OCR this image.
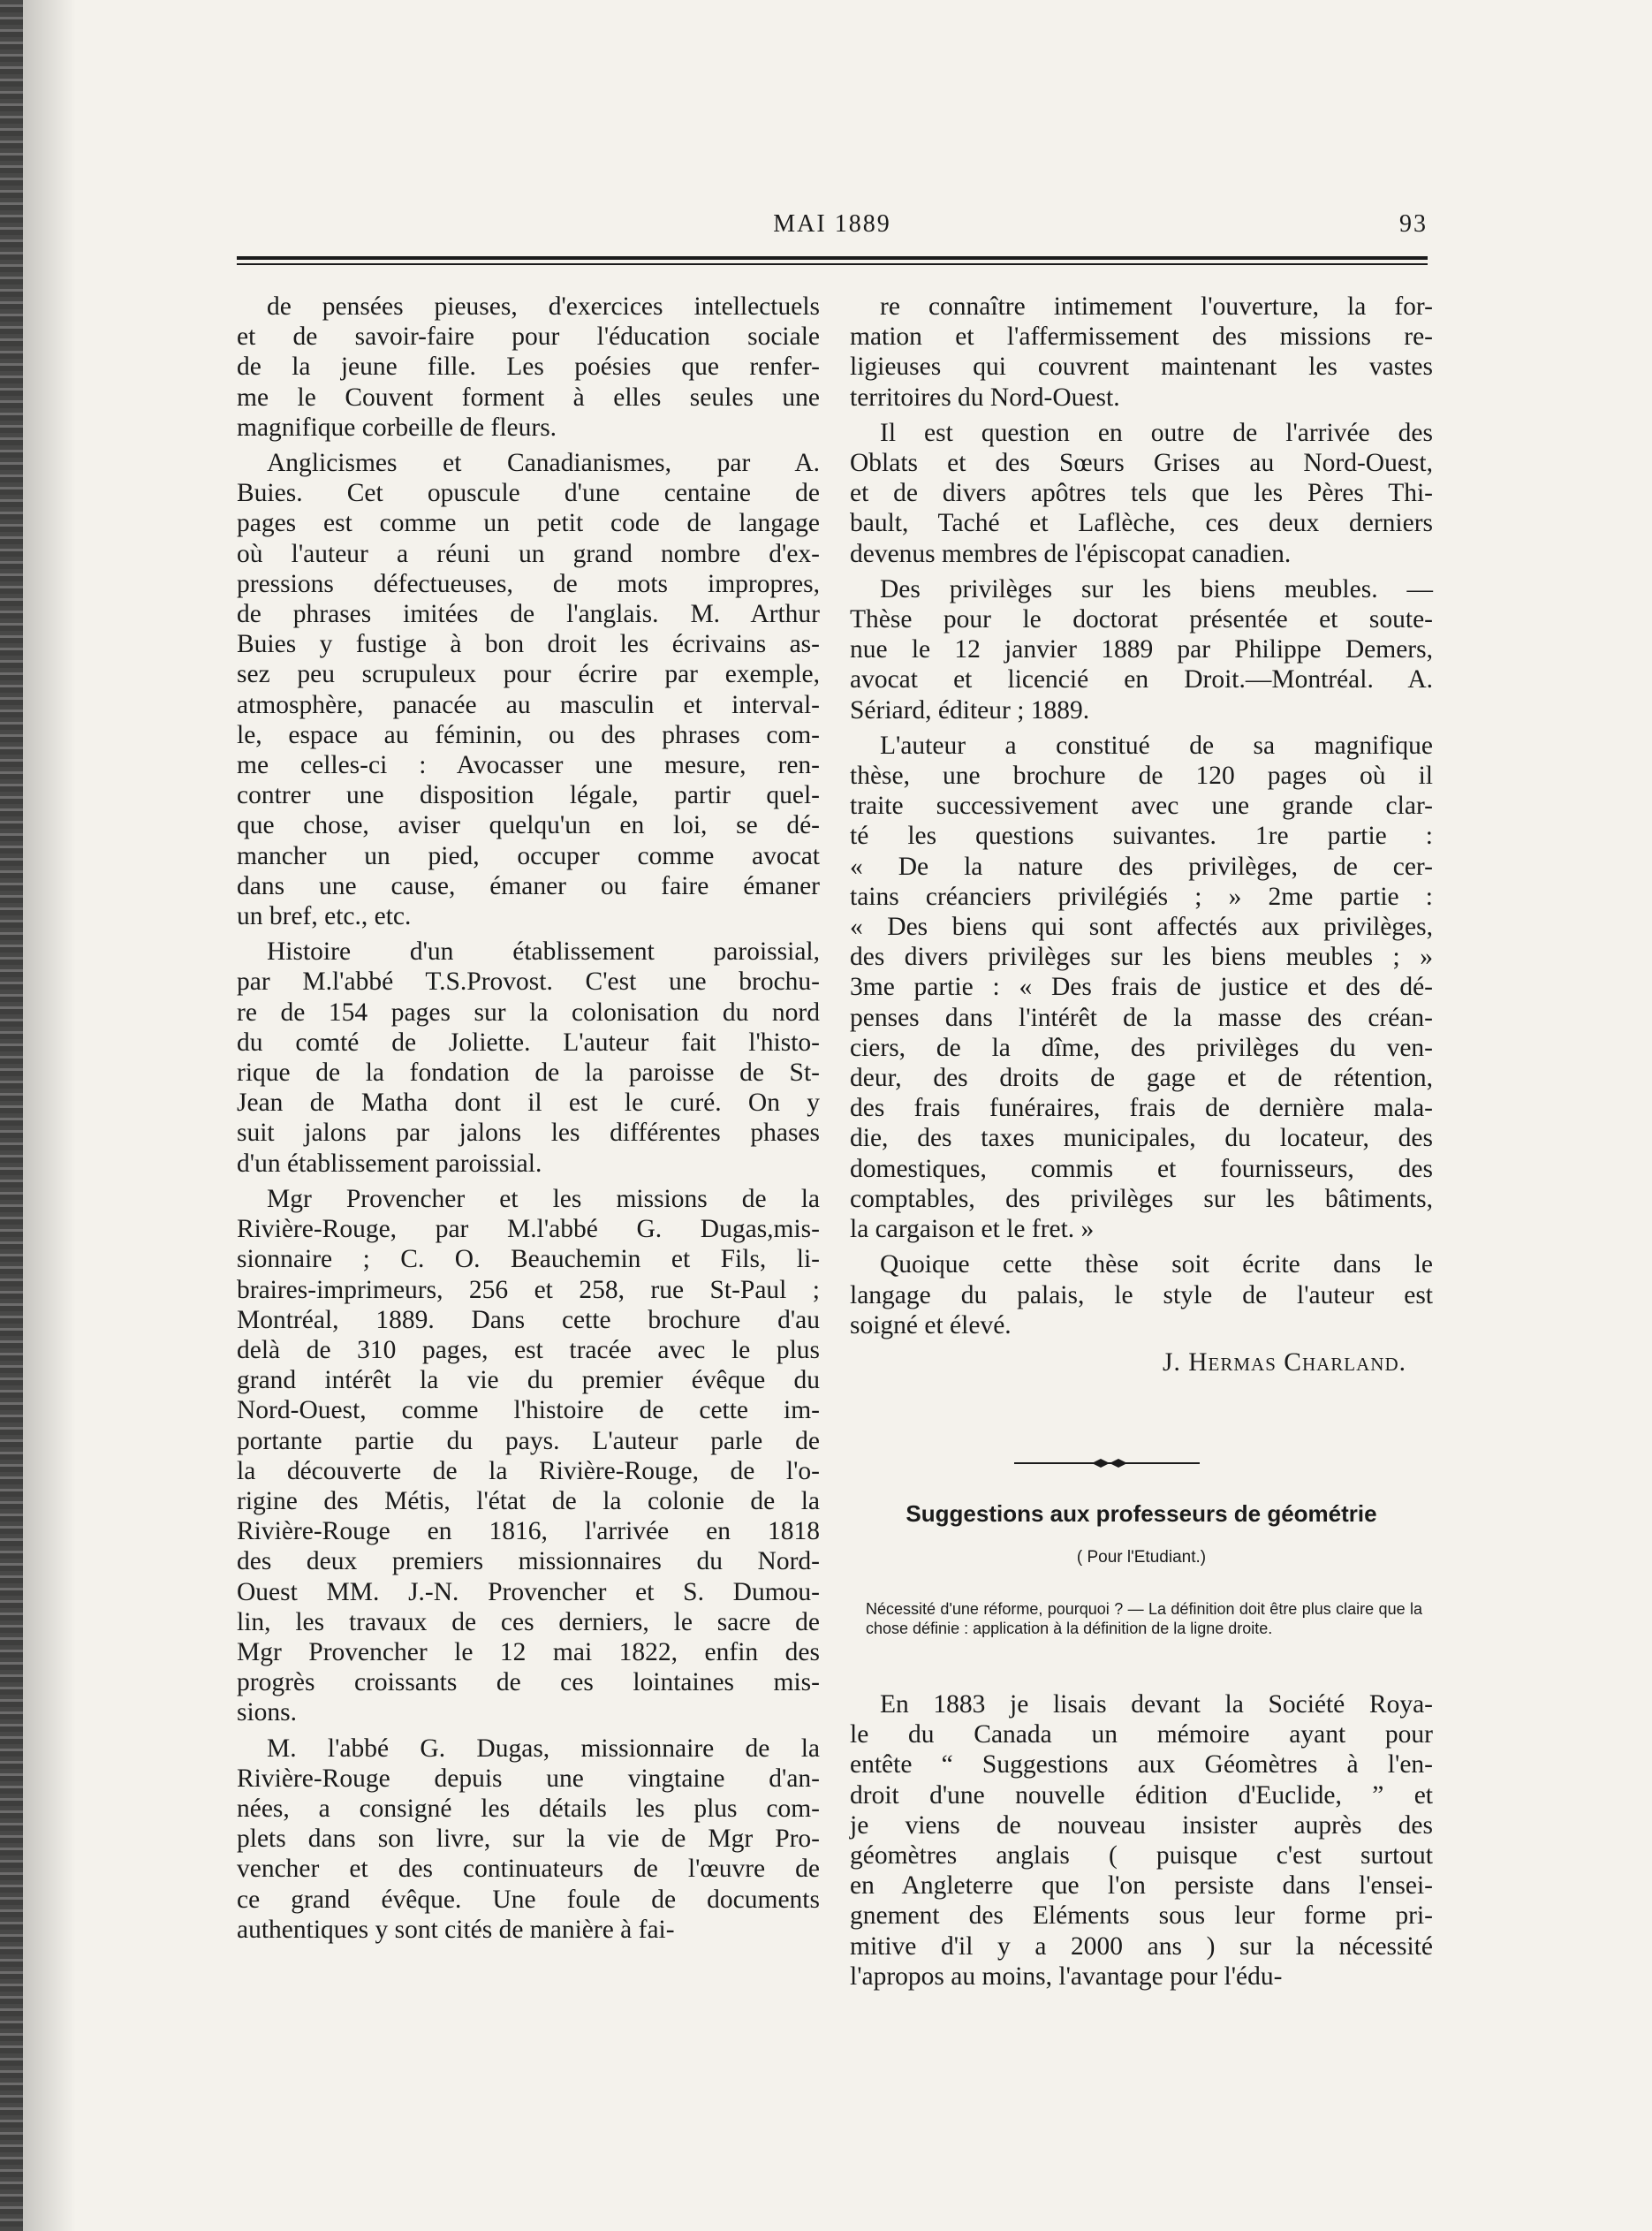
MAI 1889	93
de pensées pieuses, d'exercices intellectuels
et de savoir-faire pour l'éducation sociale
de la jeune fille. Les poésies que renfer-
me le Couvent forment à elles seules une
magnifique corbeille de fleurs.
Anglicismes et Canadianismes, par A.
Buies. Cet opuscule d'une centaine de
pages est comme un petit code de langage
où l'auteur a réuni un grand nombre d'ex-
pressions défectueuses, de mots impropres,
de phrases imitées de l'anglais. M. Arthur
Buies y fustige à bon droit les écrivains as-
sez peu scrupuleux pour écrire par exemple,
atmosphère, panacée au masculin et interval-
le, espace au féminin, ou des phrases com-
me celles-ci : Avocasser une mesure, ren-
contrer une disposition légale, partir quel-
que chose, aviser quelqu'un en loi, se dé-
mancher un pied, occuper comme avocat
dans une cause, émaner ou faire émaner
un bref, etc., etc.
Histoire d'un établissement paroissial,
par M.l'abbé T.S.Provost. C'est une brochu-
re de 154 pages sur la colonisation du nord
du comté de Joliette. L'auteur fait l'histo-
rique de la fondation de la paroisse de St-
Jean de Matha dont il est le curé. On y
suit jalons par jalons les différentes phases
d'un établissement paroissial.
Mgr Provencher et les missions de la
Rivière-Rouge, par M.l'abbé G. Dugas,mis-
sionnaire ; C. O. Beauchemin et Fils, li-
braires-imprimeurs, 256 et 258, rue St-Paul ;
Montréal, 1889. Dans cette brochure d'au
delà de 310 pages, est tracée avec le plus
grand intérêt la vie du premier évêque du
Nord-Ouest, comme l'histoire de cette im-
portante partie du pays. L'auteur parle de
la découverte de la Rivière-Rouge, de l'o-
rigine des Métis, l'état de la colonie de la
Rivière-Rouge en 1816, l'arrivée en 1818
des deux premiers missionnaires du Nord-
Ouest MM. J.-N. Provencher et S. Dumou-
lin, les travaux de ces derniers, le sacre de
Mgr Provencher le 12 mai 1822, enfin des
progrès croissants de ces lointaines mis-
sions.
M. l'abbé G. Dugas, missionnaire de la
Rivière-Rouge depuis une vingtaine d'an-
nées, a consigné les détails les plus com-
plets dans son livre, sur la vie de Mgr Pro-
vencher et des continuateurs de l'œuvre de
ce grand évêque. Une foule de documents
authentiques y sont cités de manière à fai-
re connaître intimement l'ouverture, la for-
mation et l'affermissement des missions re-
ligieuses qui couvrent maintenant les vastes
territoires du Nord-Ouest.
Il est question en outre de l'arrivée des
Oblats et des Sœurs Grises au Nord-Ouest,
et de divers apôtres tels que les Pères Thi-
bault, Taché et Laflèche, ces deux derniers
devenus membres de l'épiscopat canadien.
Des privilèges sur les biens meubles. —
Thèse pour le doctorat présentée et soute-
nue le 12 janvier 1889 par Philippe Demers,
avocat et licencié en Droit.—Montréal. A.
Sériard, éditeur ; 1889.
L'auteur a constitué de sa magnifique
thèse, une brochure de 120 pages où il
traite successivement avec une grande clar-
té les questions suivantes. 1re partie :
« De la nature des privilèges, de cer-
tains créanciers privilégiés ; » 2me partie :
« Des biens qui sont affectés aux privilèges,
des divers privilèges sur les biens meubles ; »
3me partie : « Des frais de justice et des dé-
penses dans l'intérêt de la masse des créan-
ciers, de la dîme, des privilèges du ven-
deur, des droits de gage et de rétention,
des frais funéraires, frais de dernière mala-
die, des taxes municipales, du locateur, des
domestiques, commis et fournisseurs, des
comptables, des privilèges sur les bâtiments,
la cargaison et le fret. »
Quoique cette thèse soit écrite dans le
langage du palais, le style de l'auteur est
soigné et élevé.
J. Hermas Charland.
Suggestions aux professeurs de géométrie
( Pour l'Etudiant.)
Nécessité d'une réforme, pourquoi ? — La définition doit être plus claire que la chose définie : application à la définition de la ligne droite.
En 1883 je lisais devant la Société Roya-
le du Canada un mémoire ayant pour
entête “ Suggestions aux Géomètres à l'en-
droit d'une nouvelle édition d'Euclide, ” et
je viens de nouveau insister auprès des
géomètres anglais ( puisque c'est surtout
en Angleterre que l'on persiste dans l'ensei-
gnement des Eléments sous leur forme pri-
mitive d'il y a 2000 ans ) sur la nécessité
l'apropos au moins, l'avantage pour l'édu-
